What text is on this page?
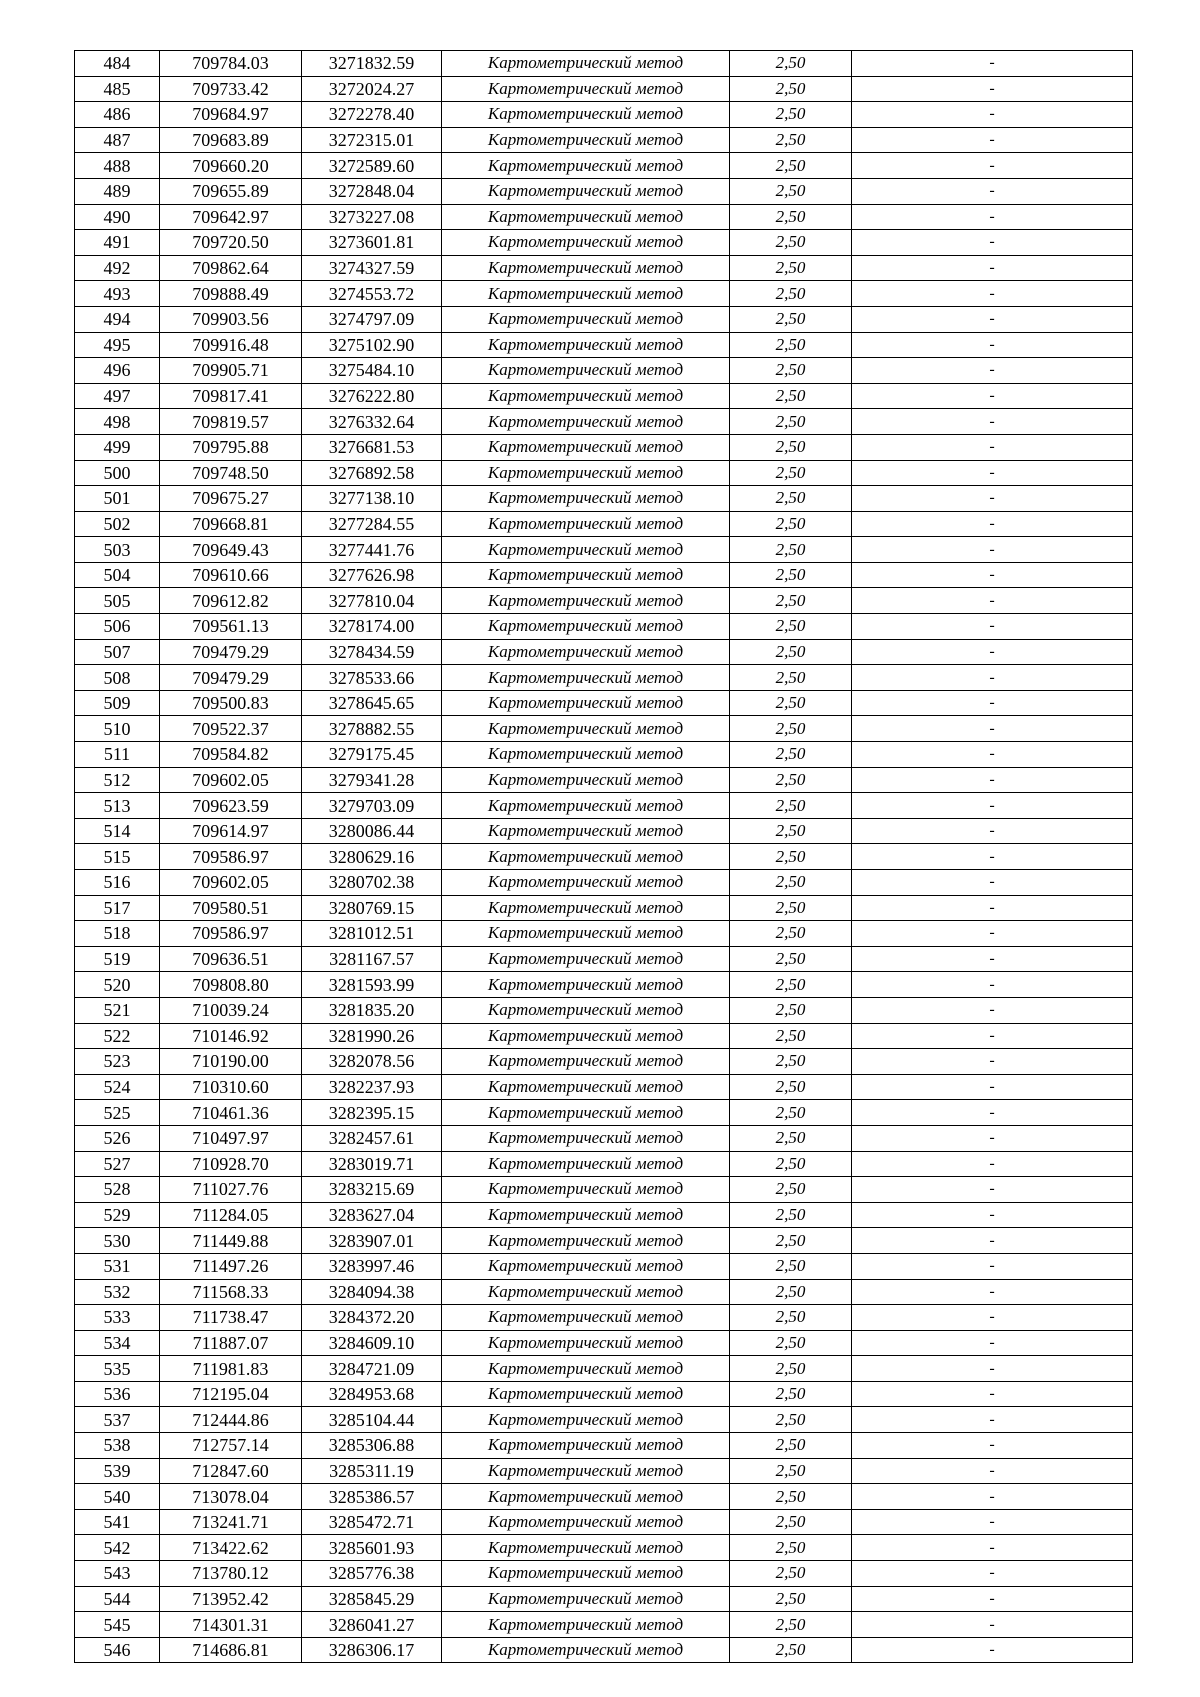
484	709784.03	3271832.59	Картометрический метод	2,50	-
485	709733.42	3272024.27	Картометрический метод	2,50	-
486	709684.97	3272278.40	Картометрический метод	2,50	-
487	709683.89	3272315.01	Картометрический метод	2,50	-
488	709660.20	3272589.60	Картометрический метод	2,50	-
489	709655.89	3272848.04	Картометрический метод	2,50	-
490	709642.97	3273227.08	Картометрический метод	2,50	-
491	709720.50	3273601.81	Картометрический метод	2,50	-
492	709862.64	3274327.59	Картометрический метод	2,50	-
493	709888.49	3274553.72	Картометрический метод	2,50	-
494	709903.56	3274797.09	Картометрический метод	2,50	-
495	709916.48	3275102.90	Картометрический метод	2,50	-
496	709905.71	3275484.10	Картометрический метод	2,50	-
497	709817.41	3276222.80	Картометрический метод	2,50	-
498	709819.57	3276332.64	Картометрический метод	2,50	-
499	709795.88	3276681.53	Картометрический метод	2,50	-
500	709748.50	3276892.58	Картометрический метод	2,50	-
501	709675.27	3277138.10	Картометрический метод	2,50	-
502	709668.81	3277284.55	Картометрический метод	2,50	-
503	709649.43	3277441.76	Картометрический метод	2,50	-
504	709610.66	3277626.98	Картометрический метод	2,50	-
505	709612.82	3277810.04	Картометрический метод	2,50	-
506	709561.13	3278174.00	Картометрический метод	2,50	-
507	709479.29	3278434.59	Картометрический метод	2,50	-
508	709479.29	3278533.66	Картометрический метод	2,50	-
509	709500.83	3278645.65	Картометрический метод	2,50	-
510	709522.37	3278882.55	Картометрический метод	2,50	-
511	709584.82	3279175.45	Картометрический метод	2,50	-
512	709602.05	3279341.28	Картометрический метод	2,50	-
513	709623.59	3279703.09	Картометрический метод	2,50	-
514	709614.97	3280086.44	Картометрический метод	2,50	-
515	709586.97	3280629.16	Картометрический метод	2,50	-
516	709602.05	3280702.38	Картометрический метод	2,50	-
517	709580.51	3280769.15	Картометрический метод	2,50	-
518	709586.97	3281012.51	Картометрический метод	2,50	-
519	709636.51	3281167.57	Картометрический метод	2,50	-
520	709808.80	3281593.99	Картометрический метод	2,50	-
521	710039.24	3281835.20	Картометрический метод	2,50	-
522	710146.92	3281990.26	Картометрический метод	2,50	-
523	710190.00	3282078.56	Картометрический метод	2,50	-
524	710310.60	3282237.93	Картометрический метод	2,50	-
525	710461.36	3282395.15	Картометрический метод	2,50	-
526	710497.97	3282457.61	Картометрический метод	2,50	-
527	710928.70	3283019.71	Картометрический метод	2,50	-
528	711027.76	3283215.69	Картометрический метод	2,50	-
529	711284.05	3283627.04	Картометрический метод	2,50	-
530	711449.88	3283907.01	Картометрический метод	2,50	-
531	711497.26	3283997.46	Картометрический метод	2,50	-
532	711568.33	3284094.38	Картометрический метод	2,50	-
533	711738.47	3284372.20	Картометрический метод	2,50	-
534	711887.07	3284609.10	Картометрический метод	2,50	-
535	711981.83	3284721.09	Картометрический метод	2,50	-
536	712195.04	3284953.68	Картометрический метод	2,50	-
537	712444.86	3285104.44	Картометрический метод	2,50	-
538	712757.14	3285306.88	Картометрический метод	2,50	-
539	712847.60	3285311.19	Картометрический метод	2,50	-
540	713078.04	3285386.57	Картометрический метод	2,50	-
541	713241.71	3285472.71	Картометрический метод	2,50	-
542	713422.62	3285601.93	Картометрический метод	2,50	-
543	713780.12	3285776.38	Картометрический метод	2,50	-
544	713952.42	3285845.29	Картометрический метод	2,50	-
545	714301.31	3286041.27	Картометрический метод	2,50	-
546	714686.81	3286306.17	Картометрический метод	2,50	-
